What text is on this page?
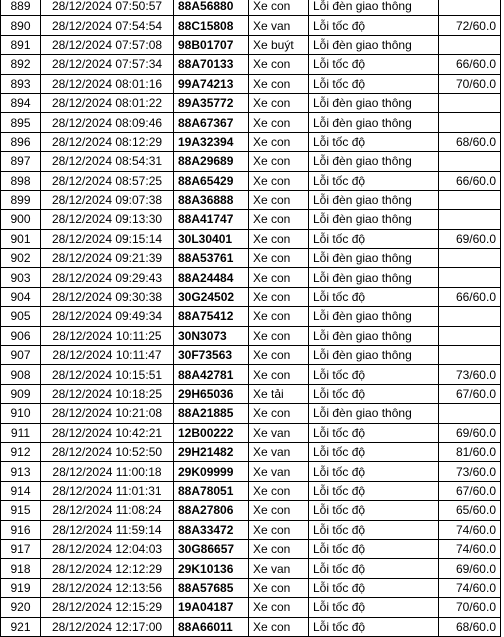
889	28/12/2024 07:50:57	88A56880	Xe con	Lỗi đèn giao thông	
890	28/12/2024 07:54:54	88C15808	Xe van	Lỗi tốc độ	72/60.0
891	28/12/2024 07:57:08	98B01707	Xe buýt	Lỗi đèn giao thông	
892	28/12/2024 07:57:34	88A70133	Xe con	Lỗi tốc độ	66/60.0
893	28/12/2024 08:01:16	99A74213	Xe con	Lỗi tốc độ	70/60.0
894	28/12/2024 08:01:22	89A35772	Xe con	Lỗi đèn giao thông	
895	28/12/2024 08:09:46	88A67367	Xe con	Lỗi đèn giao thông	
896	28/12/2024 08:12:29	19A32394	Xe con	Lỗi tốc độ	68/60.0
897	28/12/2024 08:54:31	88A29689	Xe con	Lỗi đèn giao thông	
898	28/12/2024 08:57:25	88A65429	Xe con	Lỗi tốc độ	66/60.0
899	28/12/2024 09:07:38	88A36888	Xe con	Lỗi đèn giao thông	
900	28/12/2024 09:13:30	88A41747	Xe con	Lỗi đèn giao thông	
901	28/12/2024 09:15:14	30L30401	Xe con	Lỗi tốc độ	69/60.0
902	28/12/2024 09:21:39	88A53761	Xe con	Lỗi đèn giao thông	
903	28/12/2024 09:29:43	88A24484	Xe con	Lỗi đèn giao thông	
904	28/12/2024 09:30:38	30G24502	Xe con	Lỗi tốc độ	66/60.0
905	28/12/2024 09:49:34	88A75412	Xe con	Lỗi đèn giao thông	
906	28/12/2024 10:11:25	30N3073	Xe con	Lỗi đèn giao thông	
907	28/12/2024 10:11:47	30F73563	Xe con	Lỗi đèn giao thông	
908	28/12/2024 10:15:51	88A42781	Xe con	Lỗi tốc độ	73/60.0
909	28/12/2024 10:18:25	29H65036	Xe tải	Lỗi tốc độ	67/60.0
910	28/12/2024 10:21:08	88A21885	Xe con	Lỗi đèn giao thông	
911	28/12/2024 10:42:21	12B00222	Xe van	Lỗi tốc độ	69/60.0
912	28/12/2024 10:52:50	29H21482	Xe van	Lỗi tốc độ	81/60.0
913	28/12/2024 11:00:18	29K09999	Xe van	Lỗi tốc độ	73/60.0
914	28/12/2024 11:01:31	88A78051	Xe con	Lỗi tốc độ	67/60.0
915	28/12/2024 11:08:24	88A27806	Xe con	Lỗi tốc độ	65/60.0
916	28/12/2024 11:59:14	88A33472	Xe con	Lỗi tốc độ	74/60.0
917	28/12/2024 12:04:03	30G86657	Xe con	Lỗi tốc độ	74/60.0
918	28/12/2024 12:12:29	29K10136	Xe van	Lỗi tốc độ	69/60.0
919	28/12/2024 12:13:56	88A57685	Xe con	Lỗi tốc độ	74/60.0
920	28/12/2024 12:15:29	19A04187	Xe con	Lỗi tốc độ	70/60.0
921	28/12/2024 12:17:00	88A66011	Xe con	Lỗi tốc độ	68/60.0
